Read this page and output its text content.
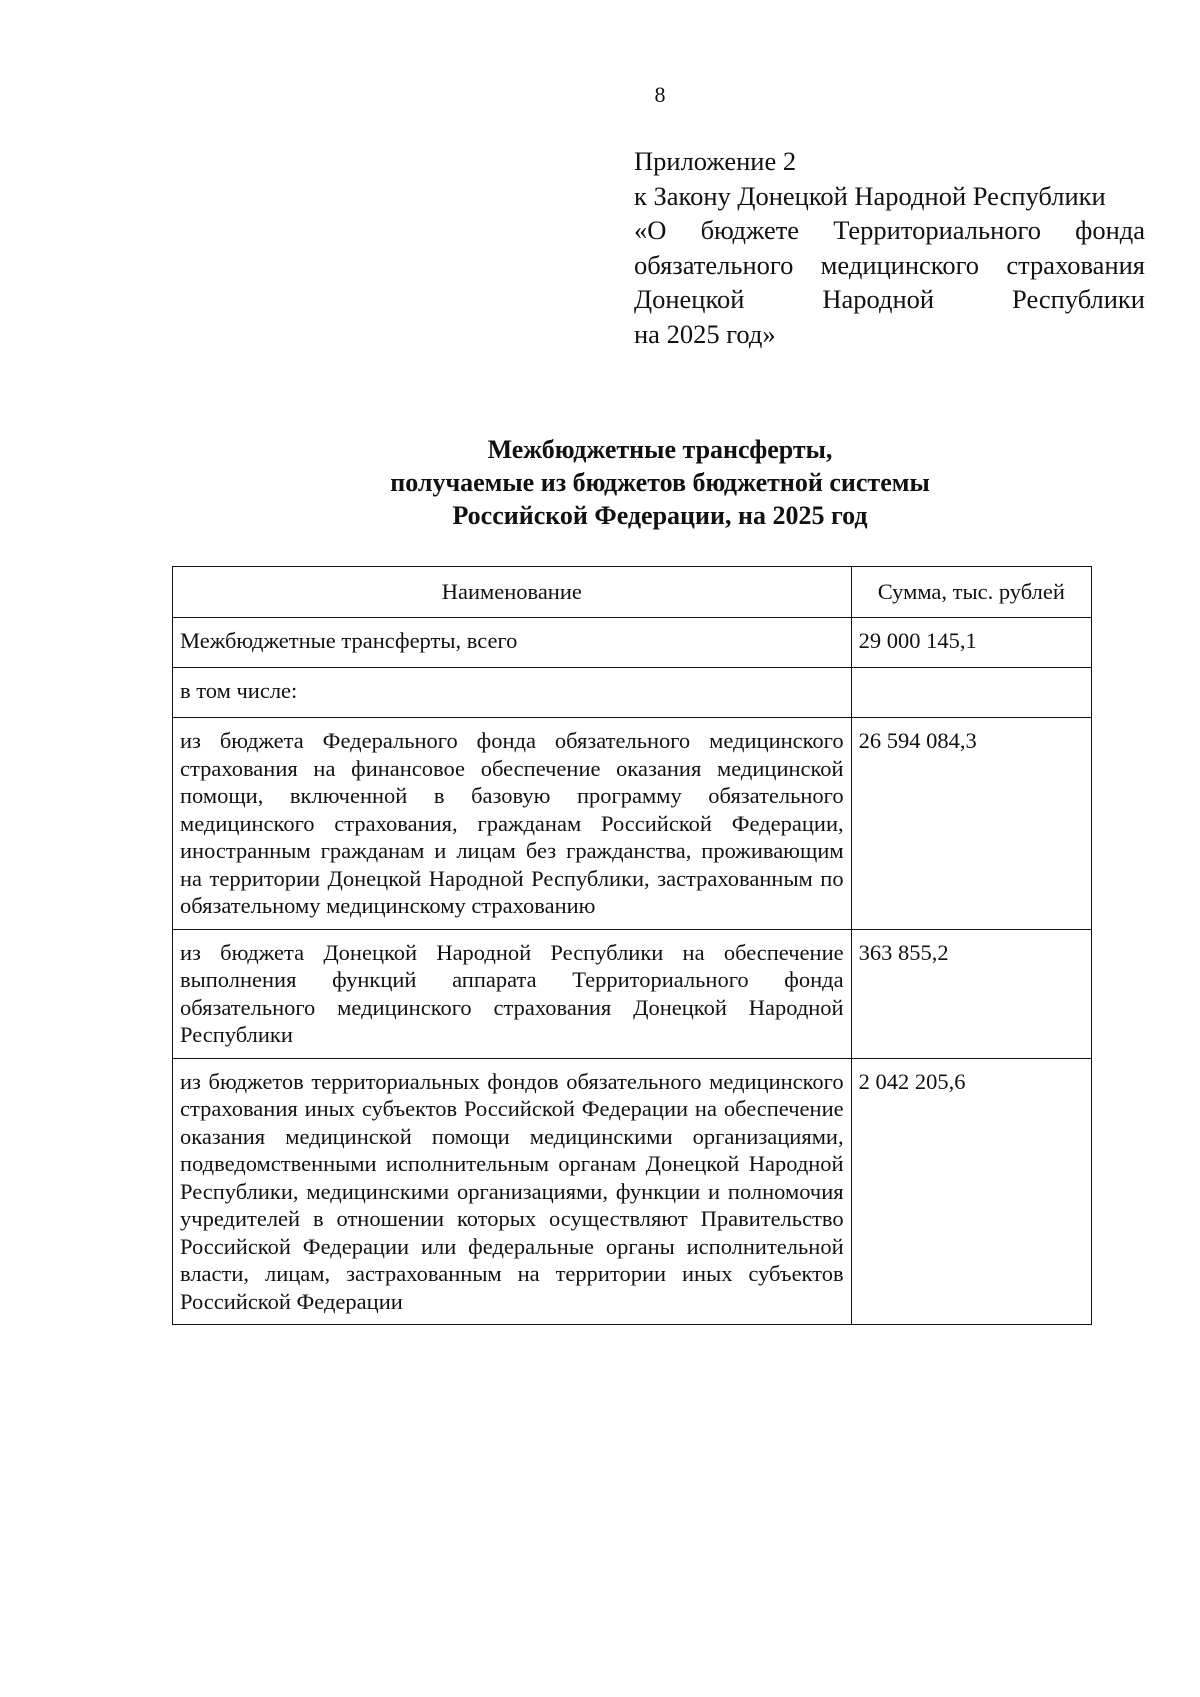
8
Приложение 2
к Закону Донецкой Народной Республики
«О бюджете Территориального фонда
обязательного медицинского страхования
Донецкой Народной Республики
на 2025 год»
Межбюджетные трансферты,
получаемые из бюджетов бюджетной системы
Российской Федерации, на 2025 год
Наименование	Сумма, тыс. рублей
Межбюджетные трансферты, всего	29 000 145,1
в том числе:	
из бюджета Федерального фонда обязательного медицинского страхования на финансовое обеспечение оказания медицинской помощи, включенной в базовую программу обязательного медицинского страхования, гражданам Российской Федерации, иностранным гражданам и лицам без гражданства, проживающим на территории Донецкой Народной Республики, застрахованным по обязательному медицинскому страхованию	26 594 084,3
из бюджета Донецкой Народной Республики на обеспечение выполнения функций аппарата Территориального фонда обязательного медицинского страхования Донецкой Народной Республики	363 855,2
из бюджетов территориальных фондов обязательного медицинского страхования иных субъектов Российской Федерации на обеспечение оказания медицинской помощи медицинскими организациями, подведомственными исполнительным органам Донецкой Народной Республики, медицинскими организациями, функции и полномочия учредителей в отношении которых осуществляют Правительство Российской Федерации или федеральные органы исполнительной власти, лицам, застрахованным на территории иных субъектов Российской Федерации	2 042 205,6
